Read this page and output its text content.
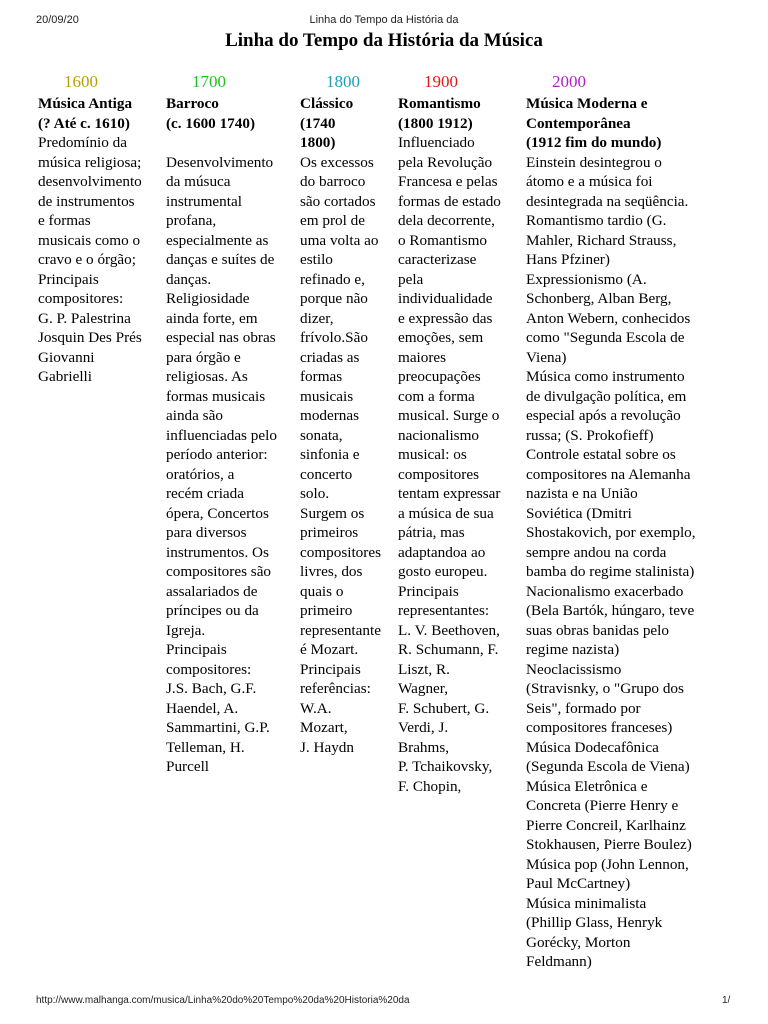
20/09/20	Linha do Tempo da História da
Linha do Tempo da História da Música
1600
Música Antiga
(? Até c. 1610)
Predomínio da
música religiosa;
desenvolvimento
de instrumentos
e formas
musicais como o
cravo e o órgão;
Principais
compositores:
G. P. Palestrina
Josquin Des Prés
Giovanni
Gabrielli
1700
Barroco
(c. 1600 1740)

Desenvolvimento
da músuca
instrumental
profana,
especialmente as
danças e suítes de
danças.
Religiosidade
ainda forte, em
especial nas obras
para órgão e
religiosas. As
formas musicais
ainda são
influenciadas pelo
período anterior:
oratórios, a
recém criada
ópera, Concertos
para diversos
instrumentos. Os
compositores são
assalariados de
príncipes ou da
Igreja.
Principais
compositores:
J.S. Bach, G.F.
Haendel, A.
Sammartini, G.P.
Telleman, H.
Purcell
1800
Clássico
(1740
1800)
Os excessos
do barroco
são cortados
em prol de
uma volta ao
estilo
refinado e,
porque não
dizer,
frívolo.São
criadas as
formas
musicais
modernas
sonata,
sinfonia e
concerto
solo.
Surgem os
primeiros
compositores
livres, dos
quais o
primeiro
representante
é Mozart.
Principais
referências:
W.A.
Mozart,
J. Haydn
1900
Romantismo
(1800 1912)
Influenciado
pela Revolução
Francesa e pelas
formas de estado
dela decorrente,
o Romantismo
caracterizase
pela
individualidade
e expressão das
emoções, sem
maiores
preocupações
com a forma
musical. Surge o
nacionalismo
musical: os
compositores
tentam expressar
a música de sua
pátria, mas
adaptandoa ao
gosto europeu.
Principais
representantes:
L. V. Beethoven,
R. Schumann, F.
Liszt, R.
Wagner,
F. Schubert, G.
Verdi, J.
Brahms,
P. Tchaikovsky,
F. Chopin,
2000
Música Moderna e
Contemporânea
(1912 fim do mundo)
Einstein desintegrou o
átomo e a música foi
desintegrada na seqüência.
Romantismo tardio (G.
Mahler, Richard Strauss,
Hans Pfziner)
Expressionismo (A.
Schonberg, Alban Berg,
Anton Webern, conhecidos
como "Segunda Escola de
Viena)
Música como instrumento
de divulgação política, em
especial após a revolução
russa; (S. Prokofieff)
Controle estatal sobre os
compositores na Alemanha
nazista e na União
Soviética (Dmitri
Shostakovich, por exemplo,
sempre andou na corda
bamba do regime stalinista)
Nacionalismo exacerbado
(Bela Bartók, húngaro, teve
suas obras banidas pelo
regime nazista)
Neoclacissismo
(Stravisnky, o "Grupo dos
Seis", formado por
compositores franceses)
Música Dodecafônica
(Segunda Escola de Viena)
Música Eletrônica e
Concreta (Pierre Henry e
Pierre Concreil, Karlhainz
Stokhausen, Pierre Boulez)
Música pop (John Lennon,
Paul McCartney)
Música minimalista
(Phillip Glass, Henryk
Gorécky, Morton
Feldmann)
http://www.malhanga.com/musica/Linha%20do%20Tempo%20da%20Historia%20da	1/
